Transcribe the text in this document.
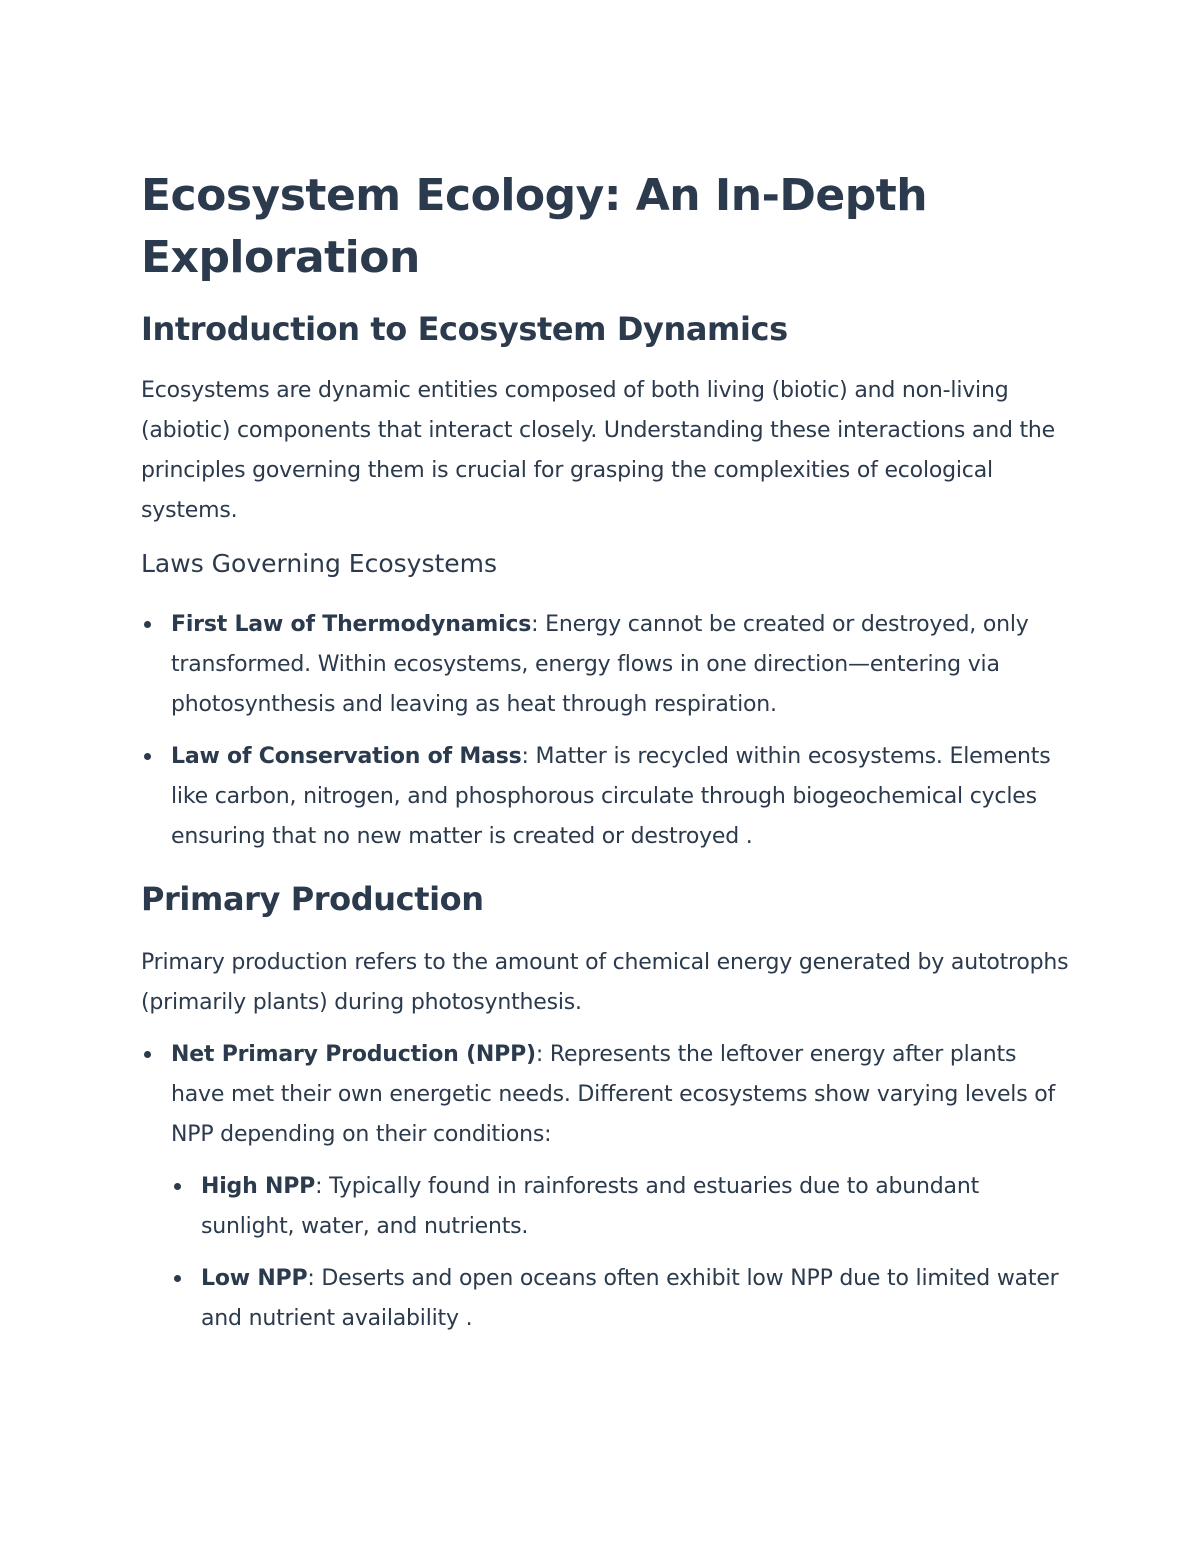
Ecosystem Ecology: An In-Depth Exploration
Introduction to Ecosystem Dynamics

Ecosystems are dynamic entities composed of both living (biotic) and non-living (abiotic) components that interact closely. Understanding these interactions and the principles governing them is crucial for grasping the complexities of ecological systems.

Laws Governing Ecosystems
First Law of Thermodynamics: Energy cannot be created or destroyed, only transformed. Within ecosystems, energy flows in one direction—entering via photosynthesis and leaving as heat through respiration.
Law of Conservation of Mass: Matter is recycled within ecosystems. Elements like carbon, nitrogen, and phosphorous circulate through biogeochemical cycles ensuring that no new matter is created or destroyed .
Primary Production

Primary production refers to the amount of chemical energy generated by autotrophs (primarily plants) during photosynthesis.

Net Primary Production (NPP): Represents the leftover energy after plants have met their own energetic needs. Different ecosystems show varying levels of NPP depending on their conditions:
High NPP: Typically found in rainforests and estuaries due to abundant sunlight, water, and nutrients.
Low NPP: Deserts and open oceans often exhibit low NPP due to limited water and nutrient availability .
